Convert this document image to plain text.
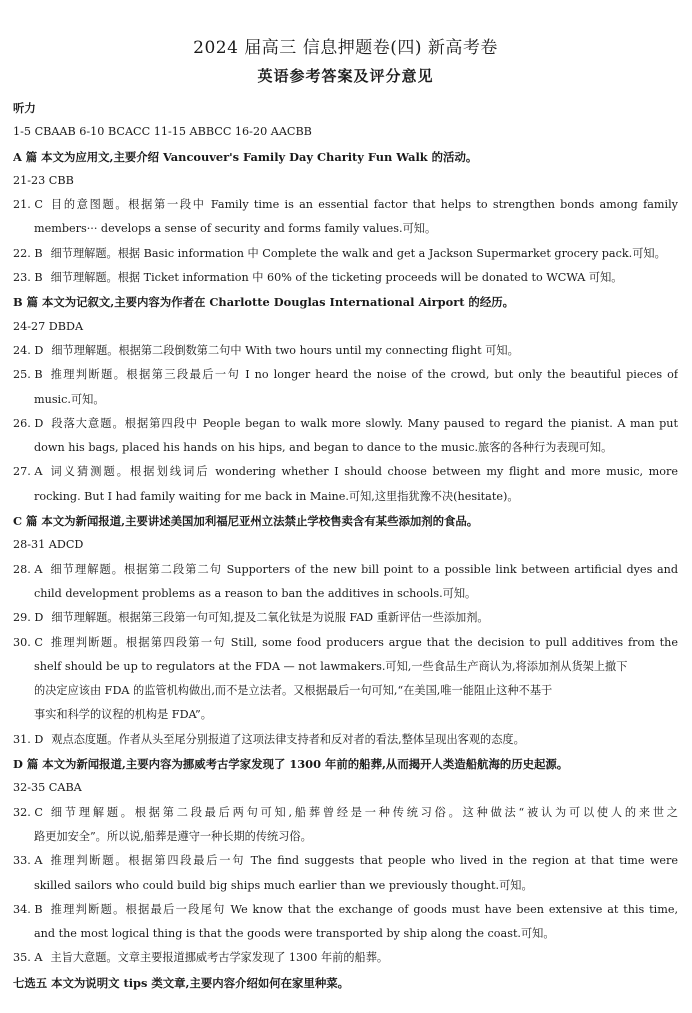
2024 届高三 信息押题卷(四) 新高考卷
英语参考答案及评分意见
听力
1-5 CBAAB 6-10 BCACC 11-15 ABBCC 16-20 AACBB
A 篇 本文为应用文,主要介绍 Vancouver's Family Day Charity Fun Walk 的活动。
21-23 CBB
21. C 目的意图题。根据第一段中 Family time is an essential factor that helps to strengthen bonds among family
members··· develops a sense of security and forms family values.可知。
22. B 细节理解题。根据 Basic information 中 Complete the walk and get a Jackson Supermarket grocery pack.可知。
23. B 细节理解题。根据 Ticket information 中 60% of the ticketing proceeds will be donated to WCWA 可知。
B 篇 本文为记叙文,主要内容为作者在 Charlotte Douglas International Airport 的经历。
24-27 DBDA
24. D 细节理解题。根据第二段倒数第二句中 With two hours until my connecting flight 可知。
25. B 推理判断题。根据第三段最后一句 I no longer heard the noise of the crowd, but only the beautiful pieces of
music.可知。
26. D 段落大意题。根据第四段中 People began to walk more slowly. Many paused to regard the pianist. A man put
down his bags, placed his hands on his hips, and began to dance to the music.旅客的各种行为表现可知。
27. A 词义猜测题。根据划线词后 wondering whether I should choose between my flight and more music, more
rocking. But I had family waiting for me back in Maine.可知,这里指犹豫不决(hesitate)。
C 篇 本文为新闻报道,主要讲述美国加利福尼亚州立法禁止学校售卖含有某些添加剂的食品。
28-31 ADCD
28. A 细节理解题。根据第二段第二句 Supporters of the new bill point to a possible link between artificial dyes and
child development problems as a reason to ban the additives in schools.可知。
29. D 细节理解题。根据第三段第一句可知,提及二氧化钛是为说服 FAD 重新评估一些添加剂。
30. C 推理判断题。根据第四段第一句 Still, some food producers argue that the decision to pull additives from the
shelf should be up to regulators at the FDA — not lawmakers.可知,一些食品生产商认为,将添加剂从货架上撤下
的决定应该由 FDA 的监管机构做出,而不是立法者。又根据最后一句可知,“在美国,唯一能阻止这种不基于
事实和科学的议程的机构是 FDA”。
31. D 观点态度题。作者从头至尾分别报道了这项法律支持者和反对者的看法,整体呈现出客观的态度。
D 篇 本文为新闻报道,主要内容为挪威考古学家发现了 1300 年前的船葬,从而揭开人类造船航海的历史起源。
32-35 CABA
32. C 细节理解题。根据第二段最后两句可知,船葬曾经是一种传统习俗。这种做法“被认为可以使人的来世之
路更加安全”。所以说,船葬是遵守一种长期的传统习俗。
33. A 推理判断题。根据第四段最后一句 The find suggests that people who lived in the region at that time were
skilled sailors who could build big ships much earlier than we previously thought.可知。
34. B 推理判断题。根据最后一段尾句 We know that the exchange of goods must have been extensive at this time,
and the most logical thing is that the goods were transported by ship along the coast.可知。
35. A 主旨大意题。文章主要报道挪威考古学家发现了 1300 年前的船葬。
七选五 本文为说明文 tips 类文章,主要内容介绍如何在家里种菜。
